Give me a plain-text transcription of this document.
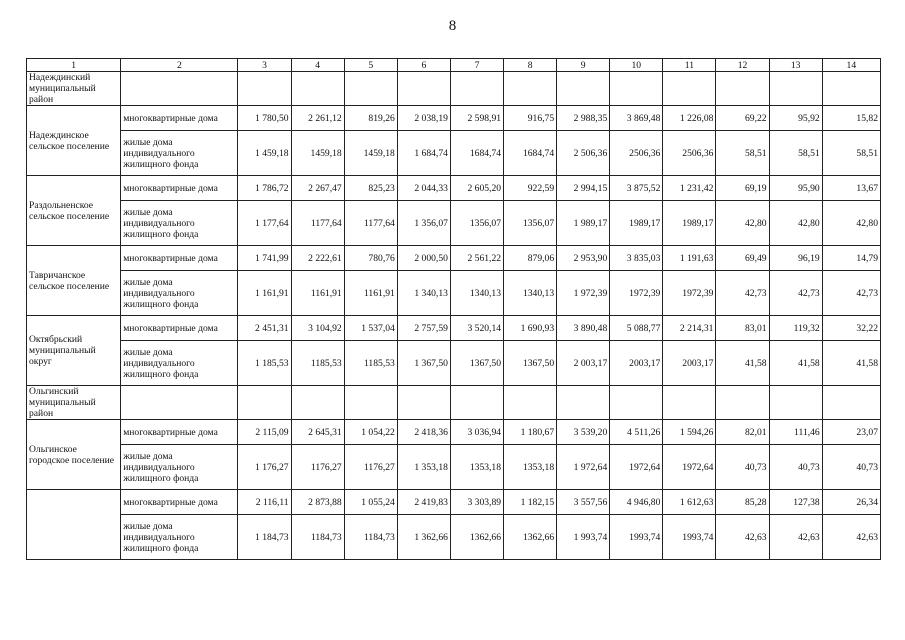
8
1	2	3	4	5	6	7	8	9	10	11	12	13	14
Надеждинский муниципальный район													
Надеждинское сельское поселение	многоквартирные дома	1 780,50	2 261,12	819,26	2 038,19	2 598,91	916,75	2 988,35	3 869,48	1 226,08	69,22	95,92	15,82
	жилые дома индивидуального жилищного фонда	1 459,18	1459,18	1459,18	1 684,74	1684,74	1684,74	2 506,36	2506,36	2506,36	58,51	58,51	58,51
Раздольненское сельское поселение	многоквартирные дома	1 786,72	2 267,47	825,23	2 044,33	2 605,20	922,59	2 994,15	3 875,52	1 231,42	69,19	95,90	13,67
	жилые дома индивидуального жилищного фонда	1 177,64	1177,64	1177,64	1 356,07	1356,07	1356,07	1 989,17	1989,17	1989,17	42,80	42,80	42,80
Тавричанское сельское поселение	многоквартирные дома	1 741,99	2 222,61	780,76	2 000,50	2 561,22	879,06	2 953,90	3 835,03	1 191,63	69,49	96,19	14,79
	жилые дома индивидуального жилищного фонда	1 161,91	1161,91	1161,91	1 340,13	1340,13	1340,13	1 972,39	1972,39	1972,39	42,73	42,73	42,73
Октябрьский муниципальный округ	многоквартирные дома	2 451,31	3 104,92	1 537,04	2 757,59	3 520,14	1 690,93	3 890,48	5 088,77	2 214,31	83,01	119,32	32,22
	жилые дома индивидуального жилищного фонда	1 185,53	1185,53	1185,53	1 367,50	1367,50	1367,50	2 003,17	2003,17	2003,17	41,58	41,58	41,58
Ольгинский муниципальный район													
Ольгинское городское поселение	многоквартирные дома	2 115,09	2 645,31	1 054,22	2 418,36	3 036,94	1 180,67	3 539,20	4 511,26	1 594,26	82,01	111,46	23,07
	жилые дома индивидуального жилищного фонда	1 176,27	1176,27	1176,27	1 353,18	1353,18	1353,18	1 972,64	1972,64	1972,64	40,73	40,73	40,73
	многоквартирные дома	2 116,11	2 873,88	1 055,24	2 419,83	3 303,89	1 182,15	3 557,56	4 946,80	1 612,63	85,28	127,38	26,34
	жилые дома индивидуального жилищного фонда	1 184,73	1184,73	1184,73	1 362,66	1362,66	1362,66	1 993,74	1993,74	1993,74	42,63	42,63	42,63
